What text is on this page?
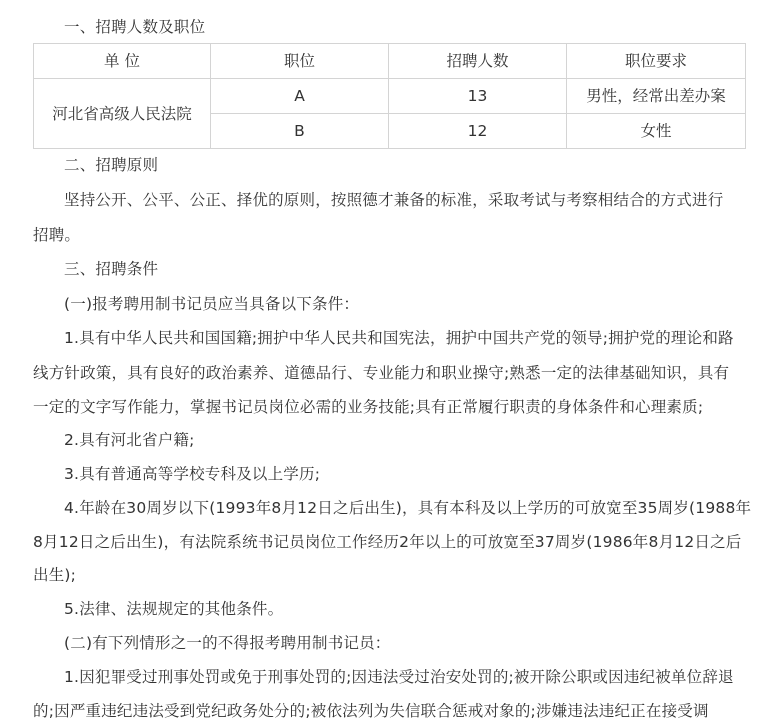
一、招聘人数及职位
单 位	职位	招聘人数	职位要求
河北省高级人民法院	A	13	男性，经常出差办案
	B	12	女性
二、招聘原则
坚持公开、公平、公正、择优的原则，按照德才兼备的标准，采取考试与考察相结合的方式进行
招聘。
三、招聘条件
(一)报考聘用制书记员应当具备以下条件：
1.具有中华人民共和国国籍;拥护中华人民共和国宪法，拥护中国共产党的领导;拥护党的理论和路
线方针政策，具有良好的政治素养、道德品行、专业能力和职业操守;熟悉一定的法律基础知识，具有
一定的文字写作能力，掌握书记员岗位必需的业务技能;具有正常履行职责的身体条件和心理素质;
2.具有河北省户籍;
3.具有普通高等学校专科及以上学历;
4.年龄在30周岁以下(1993年8月12日之后出生)，具有本科及以上学历的可放宽至35周岁(1988年
8月12日之后出生)，有法院系统书记员岗位工作经历2年以上的可放宽至37周岁(1986年8月12日之后
出生);
5.法律、法规规定的其他条件。
(二)有下列情形之一的不得报考聘用制书记员：
1.因犯罪受过刑事处罚或免于刑事处罚的;因违法受过治安处罚的;被开除公职或因违纪被单位辞退
的;因严重违纪违法受到党纪政务处分的;被依法列为失信联合惩戒对象的;涉嫌违法违纪正在接受调
